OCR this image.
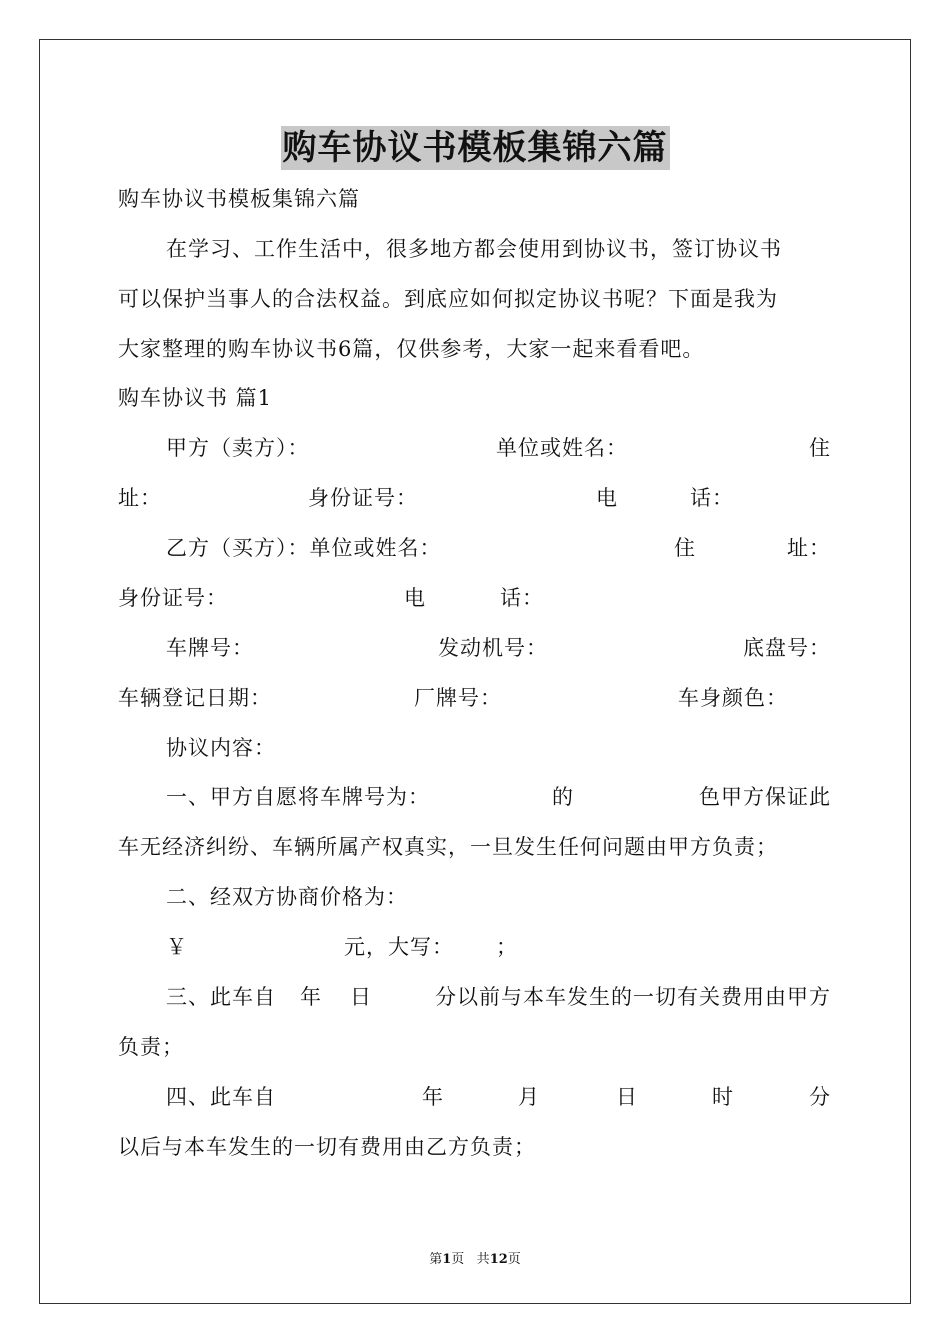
购车协议书模板集锦六篇
购车协议书模板集锦六篇
在学习、工作生活中，很多地方都会使用到协议书，签订协议书
可以保护当事人的合法权益。到底应如何拟定协议书呢？下面是我为
大家整理的购车协议书6篇，仅供参考，大家一起来看看吧。
购车协议书 篇1
甲方（卖方）：	单位或姓名：	住
址：	身份证号：	电	话：
乙方（买方）：单位或姓名：	住	址：
身份证号：	电	话：
车牌号：	发动机号：	底盘号：
车辆登记日期：	厂牌号：	车身颜色：
协议内容：
一、甲方自愿将车牌号为：	的	色甲方保证此
车无经济纠纷、车辆所属产权真实，一旦发生任何问题由甲方负责；
二、经双方协商价格为：
￥	元，大写： ；
三、此车自 年 日	分以前与本车发生的一切有关费用由甲方
负责；
四、此车自	年	月	日	时	分
以后与本车发生的一切有费用由乙方负责；
第1页 共12页
